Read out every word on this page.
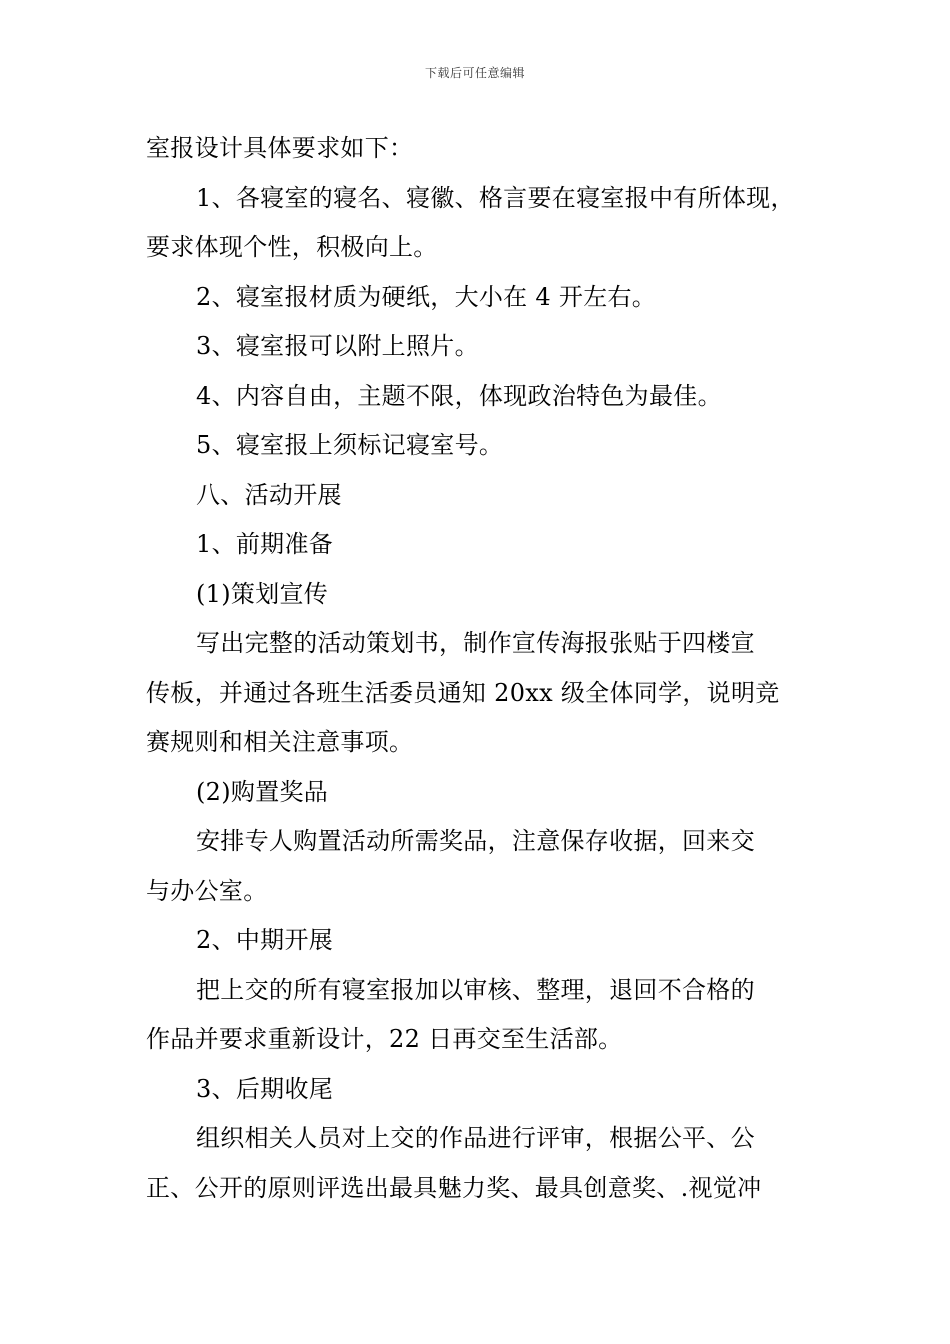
下载后可任意编辑

室报设计具体要求如下：

1、各寝室的寝名、寝徽、格言要在寝室报中有所体现，

要求体现个性，积极向上。

2、寝室报材质为硬纸，大小在 4 开左右。

3、寝室报可以附上照片。

4、内容自由，主题不限，体现政治特色为最佳。

5、寝室报上须标记寝室号。

八、活动开展

1、前期准备

(1)策划宣传

写出完整的活动策划书，制作宣传海报张贴于四楼宣

传板，并通过各班生活委员通知 20xx 级全体同学，说明竞

赛规则和相关注意事项。

(2)购置奖品

安排专人购置活动所需奖品，注意保存收据，回来交

与办公室。

2、中期开展

把上交的所有寝室报加以审核、整理，退回不合格的

作品并要求重新设计，22 日再交至生活部。

3、后期收尾

组织相关人员对上交的作品进行评审，根据公平、公

正、公开的原则评选出最具魅力奖、最具创意奖、.视觉冲
